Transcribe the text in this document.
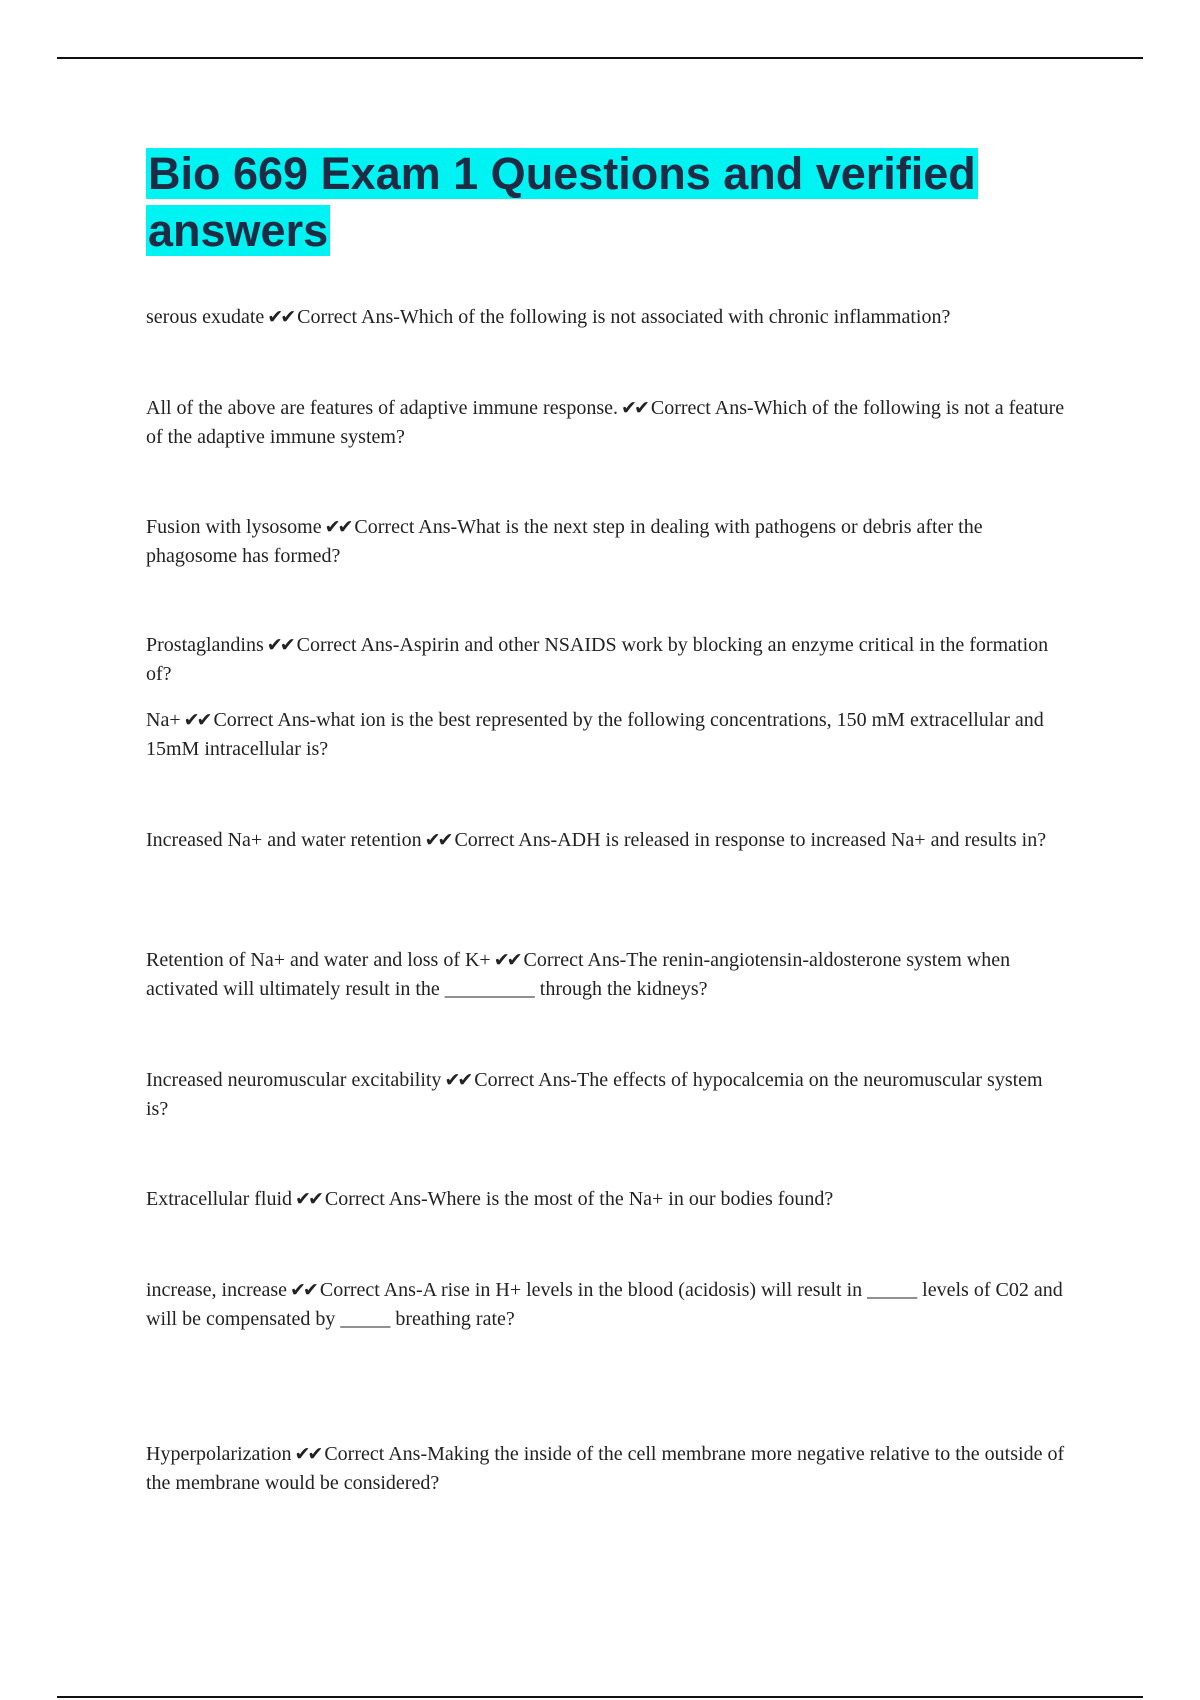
Bio 669 Exam 1 Questions and verified answers

serous exudate ✔✔ Correct Ans-Which of the following is not associated with chronic inflammation?

All of the above are features of adaptive immune response. ✔✔ Correct Ans-Which of the following is not a feature of the adaptive immune system?

Fusion with lysosome ✔✔ Correct Ans-What is the next step in dealing with pathogens or debris after the phagosome has formed?

Prostaglandins ✔✔ Correct Ans-Aspirin and other NSAIDS work by blocking an enzyme critical in the formation of?

Na+ ✔✔ Correct Ans-what ion is the best represented by the following concentrations, 150 mM extracellular and 15mM intracellular is?

Increased Na+ and water retention ✔✔ Correct Ans-ADH is released in response to increased Na+ and results in?

Retention of Na+ and water and loss of K+ ✔✔ Correct Ans-The renin-angiotensin-aldosterone system when activated will ultimately result in the _________ through the kidneys?

Increased neuromuscular excitability ✔✔ Correct Ans-The effects of hypocalcemia on the neuromuscular system is?

Extracellular fluid ✔✔ Correct Ans-Where is the most of the Na+ in our bodies found?

increase, increase ✔✔ Correct Ans-A rise in H+ levels in the blood (acidosis) will result in _____ levels of C02 and will be compensated by _____ breathing rate?

Hyperpolarization ✔✔ Correct Ans-Making the inside of the cell membrane more negative relative to the outside of the membrane would be considered?
